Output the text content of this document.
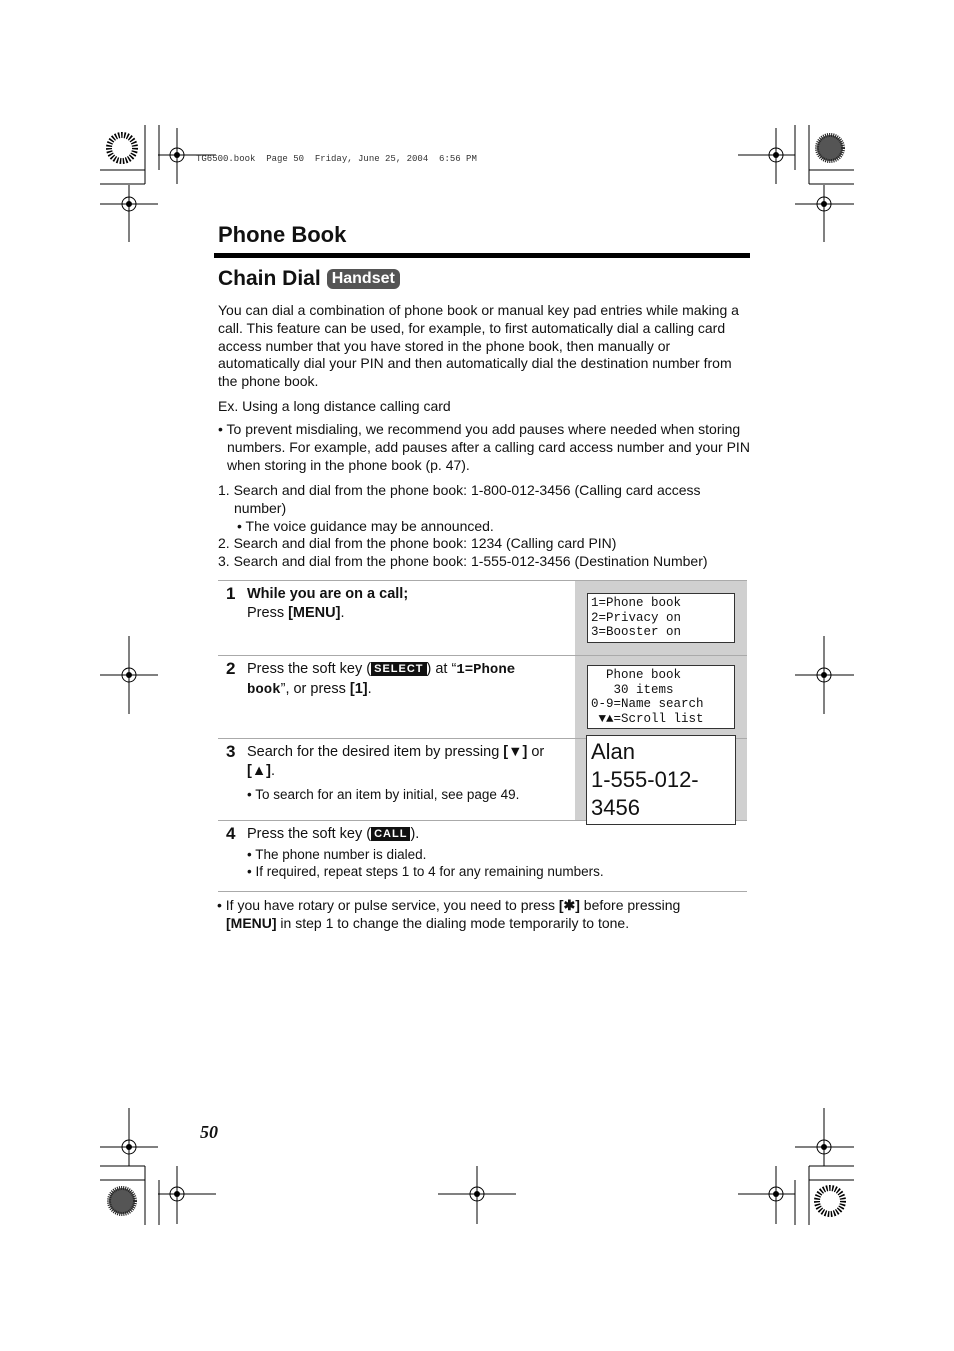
TG6500.book  Page 50  Friday, June 25, 2004  6:56 PM
Phone Book
Chain Dial Handset
You can dial a combination of phone book or manual key pad entries while making a call. This feature can be used, for example, to first automatically dial a calling card access number that you have stored in the phone book, then manually or automatically dial your PIN and then automatically dial the destination number from the phone book.
Ex. Using a long distance calling card
• To prevent misdialing, we recommend you add pauses where needed when storing numbers. For example, add pauses after a calling card access number and your PIN when storing in the phone book (p. 47).
1. Search and dial from the phone book: 1-800-012-3456 (Calling card access number)
• The voice guidance may be announced.
2. Search and dial from the phone book: 1234 (Calling card PIN)
3. Search and dial from the phone book: 1-555-012-3456 (Destination Number)
1 While you are on a call;
Press [MENU].
1=Phone book
2=Privacy on
3=Booster on
2 Press the soft key ( SELECT ) at “1=Phone
book”, or press [1].
Phone book
30 items
0-9=Name search
▼▲=Scroll list
3 Search for the desired item by pressing [▼] or [▲].
• To search for an item by initial, see page 49.
Alan
1-555-012-3456
4 Press the soft key ( CALL ).
• The phone number is dialed.
• If required, repeat steps 1 to 4 for any remaining numbers.
• If you have rotary or pulse service, you need to press [✱] before pressing
[MENU] in step 1 to change the dialing mode temporarily to tone.
50
